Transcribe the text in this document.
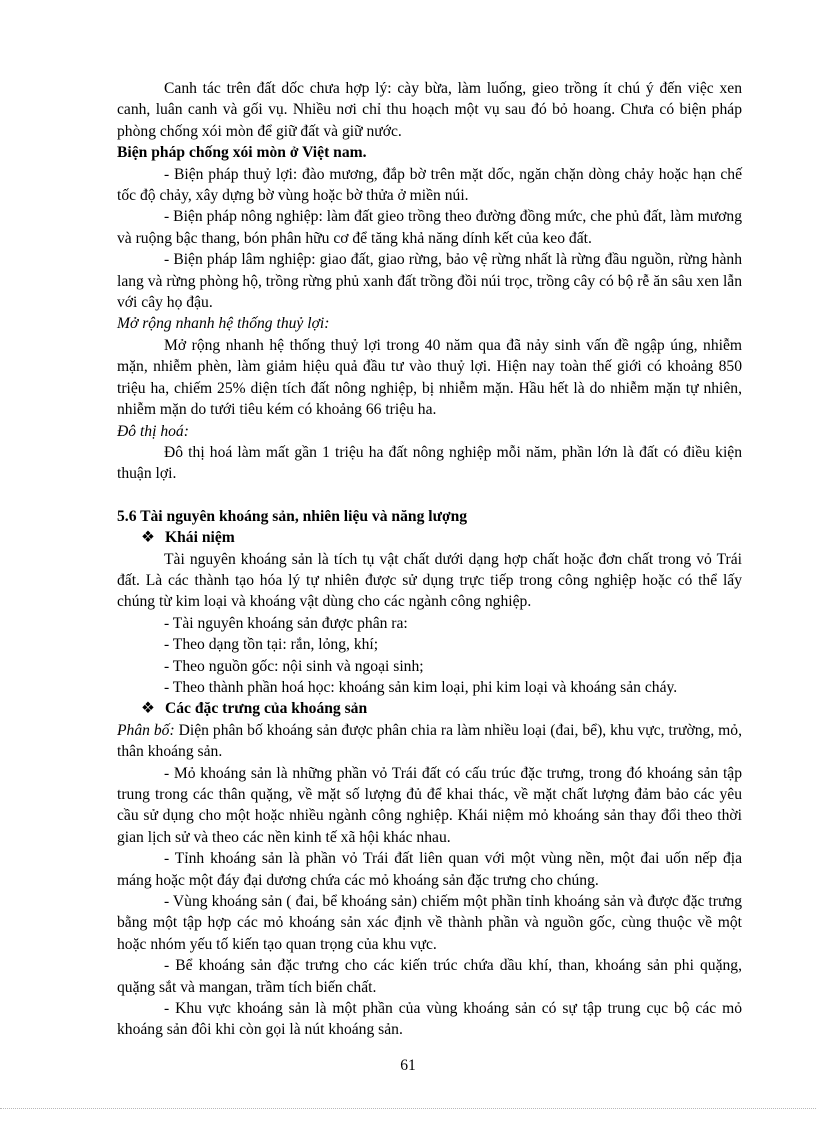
Canh tác trên đất dốc chưa hợp lý: cày bừa, làm luống, gieo trồng ít chú ý đến việc xen canh, luân canh và gối vụ. Nhiều nơi chỉ thu hoạch một vụ sau đó bỏ hoang. Chưa có biện pháp phòng chống xói mòn để giữ đất và giữ nước.

Biện pháp chống xói mòn ở Việt nam.

- Biện pháp thuỷ lợi: đào mương, đắp bờ trên mặt dốc, ngăn chặn dòng chảy hoặc hạn chế tốc độ chảy, xây dựng bờ vùng hoặc bờ thửa ở miền núi.

- Biện pháp nông nghiệp: làm đất gieo trồng theo đường đồng mức, che phủ đất, làm mương và ruộng bậc thang, bón phân hữu cơ để tăng khả năng dính kết của keo đất.

- Biện pháp lâm nghiệp: giao đất, giao rừng, bảo vệ rừng nhất là rừng đầu nguồn, rừng hành lang và rừng phòng hộ, trồng rừng phủ xanh đất trồng đồi núi trọc, trồng cây có bộ rễ ăn sâu xen lẫn với cây họ đậu.

Mở rộng nhanh hệ thống thuỷ lợi:

Mở rộng nhanh hệ thống thuỷ lợi trong 40 năm qua đã nảy sinh vấn đề ngập úng, nhiễm mặn, nhiễm phèn, làm giảm hiệu quả đầu tư vào thuỷ lợi. Hiện nay toàn thế giới có khoảng 850 triệu ha, chiếm 25% diện tích đất nông nghiệp, bị nhiễm mặn. Hầu hết là do nhiễm mặn tự nhiên, nhiễm mặn do tưới tiêu kém có khoảng 66 triệu ha.

Đô thị hoá:

Đô thị hoá làm mất gần 1 triệu ha đất nông nghiệp mỗi năm, phần lớn là đất có điều kiện thuận lợi.

5.6 Tài nguyên khoáng sản, nhiên liệu và năng lượng

❖ Khái niệm

Tài nguyên khoáng sản là tích tụ vật chất dưới dạng hợp chất hoặc đơn chất trong vỏ Trái đất. Là các thành tạo hóa lý tự nhiên được sử dụng trực tiếp trong công nghiệp hoặc có thể lấy chúng từ kim loại và khoáng vật dùng cho các ngành công nghiệp.

- Tài nguyên khoáng sản được phân ra:

- Theo dạng tồn tại: rắn, lỏng, khí;

- Theo nguồn gốc: nội sinh và ngoại sinh;

- Theo thành phần hoá học: khoáng sản kim loại, phi kim loại và khoáng sản cháy.

❖ Các đặc trưng của khoáng sản

Phân bố: Diện phân bố khoáng sản được phân chia ra làm nhiều loại (đai, bể), khu vực, trường, mỏ, thân khoáng sản.

- Mỏ khoáng sản là những phần vỏ Trái đất có cấu trúc đặc trưng, trong đó khoáng sản tập trung trong các thân quặng, về mặt số lượng đủ để khai thác, về mặt chất lượng đảm bảo các yêu cầu sử dụng cho một hoặc nhiều ngành công nghiệp. Khái niệm mỏ khoáng sản thay đổi theo thời gian lịch sử và theo các nền kinh tế xã hội khác nhau.

- Tỉnh khoáng sản là phần vỏ Trái đất liên quan với một vùng nền, một đai uốn nếp địa máng hoặc một đáy đại dương chứa các mỏ khoáng sản đặc trưng cho chúng.

- Vùng khoáng sản ( đai, bể khoáng sản) chiếm một phần tỉnh khoáng sản và được đặc trưng bằng một tập hợp các mỏ khoáng sản xác định về thành phần và nguồn gốc, cùng thuộc về một hoặc nhóm yếu tố kiến tạo quan trọng của khu vực.

- Bể khoáng sản đặc trưng cho các kiến trúc chứa dầu khí, than, khoáng sản phi quặng, quặng sắt và mangan, trầm tích biến chất.

- Khu vực khoáng sản là một phần của vùng khoáng sản có sự tập trung cục bộ các mỏ khoáng sản đôi khi còn gọi là nút khoáng sản.

61
